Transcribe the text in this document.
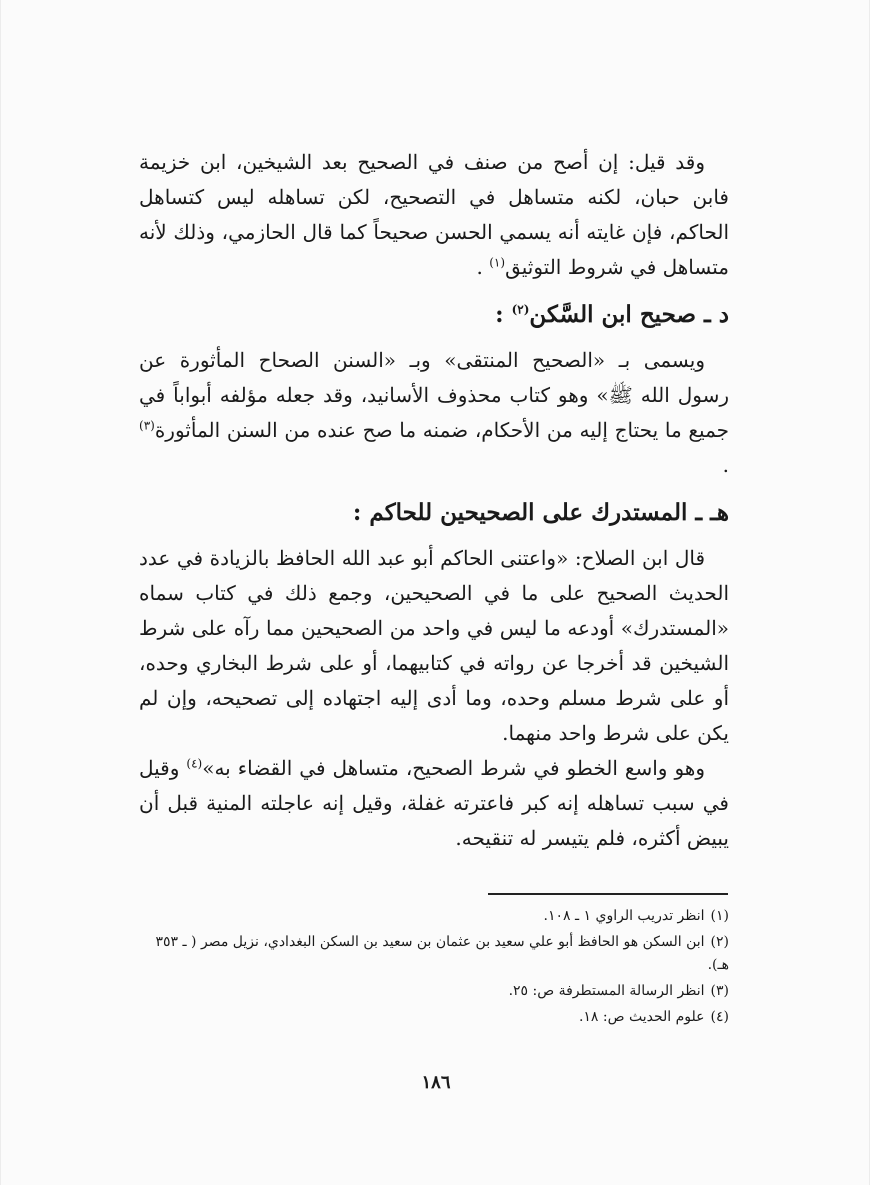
وقد قيل: إن أصح من صنف في الصحيح بعد الشيخين، ابن خزيمة فابن حبان، لكنه متساهل في التصحيح، لكن تساهله ليس كتساهل الحاكم، فإن غايته أنه يسمي الحسن صحيحاً كما قال الحازمي، وذلك لأنه متساهل في شروط التوثيق$^{(١)}$ .

د ـ صحيح ابن السَّكن$^{(٢)}$ :

ويسمى بـ «الصحيح المنتقى» وبـ «السنن الصحاح المأثورة عن رسول الله ﷺ» وهو كتاب محذوف الأسانيد، وقد جعله مؤلفه أبواباً في جميع ما يحتاج إليه من الأحكام، ضمنه ما صح عنده من السنن المأثورة$^{(٣)}$ .

هـ ـ المستدرك على الصحيحين للحاكم :

قال ابن الصلاح: «واعتنى الحاكم أبو عبد الله الحافظ بالزيادة في عدد الحديث الصحيح على ما في الصحيحين، وجمع ذلك في كتاب سماه «المستدرك» أودعه ما ليس في واحد من الصحيحين مما رآه على شرط الشيخين قد أخرجا عن رواته في كتابيهما، أو على شرط البخاري وحده، أو على شرط مسلم وحده، وما أدى إليه اجتهاده إلى تصحيحه، وإن لم يكن على شرط واحد منهما.

وهو واسع الخطو في شرط الصحيح، متساهل في القضاء به»$^{(٤)}$ وقيل في سبب تساهله إنه كبر فاعترته غفلة، وقيل إنه عاجلته المنية قبل أن يبيض أكثره، فلم يتيسر له تنقيحه.

(١)انظر تدريب الراوي ١ ـ ١٠٨.

(٢)ابن السكن هو الحافظ أبو علي سعيد بن عثمان بن سعيد بن السكن البغدادي، نزيل مصر ( ـ ٣٥٣ هـ).

(٣)انظر الرسالة المستطرفة ص: ٢٥.

(٤)علوم الحديث ص: ١٨.

١٨٦
